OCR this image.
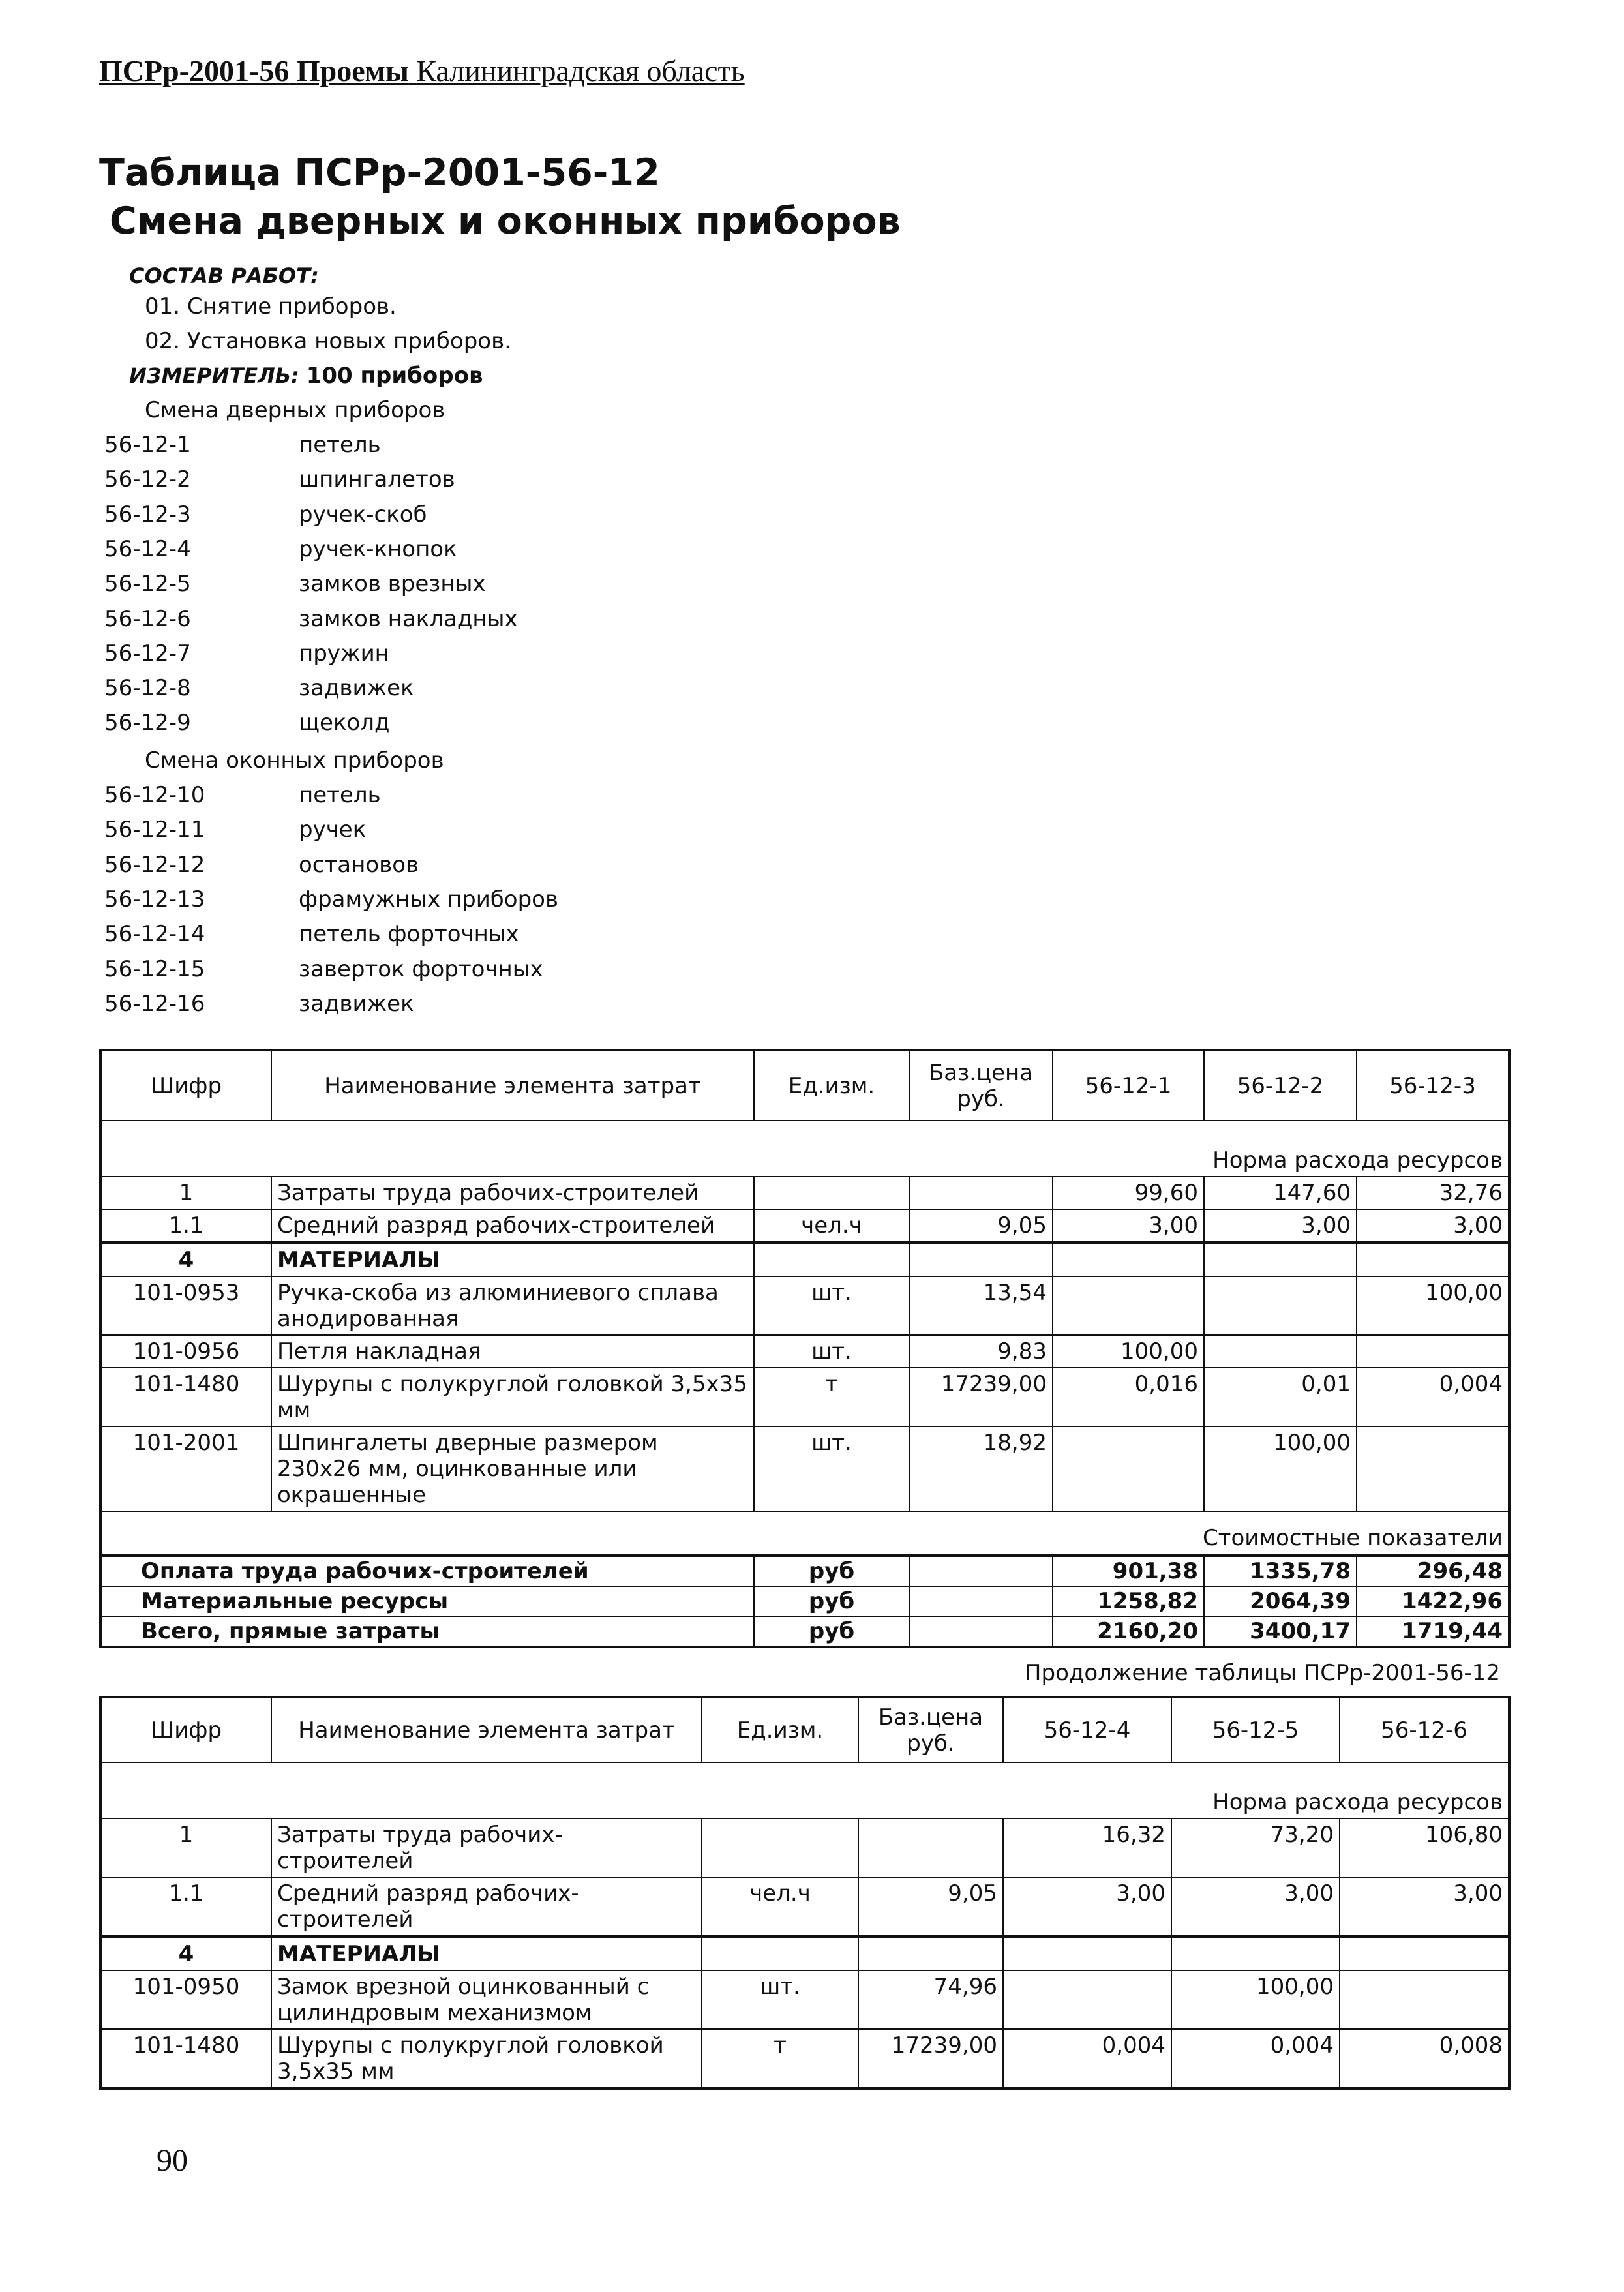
ПСРр-2001-56 Проемы Калининградская область
Таблица ПСРр-2001-56-12
Смена дверных и оконных приборов
СОСТАВ РАБОТ:
01. Снятие приборов.
02. Установка новых приборов.
ИЗМЕРИТЕЛЬ: 100 приборов
Смена дверных приборов
56-12-1	петель
56-12-2	шпингалетов
56-12-3	ручек-скоб
56-12-4	ручек-кнопок
56-12-5	замков врезных
56-12-6	замков накладных
56-12-7	пружин
56-12-8	задвижек
56-12-9	щеколд
Смена оконных приборов
56-12-10	петель
56-12-11	ручек
56-12-12	остановов
56-12-13	фрамужных приборов
56-12-14	петель форточных
56-12-15	заверток форточных
56-12-16	задвижек
Шифр	Наименование элемента затрат	Ед.изм.	Баз.цена руб.	56-12-1	56-12-2	56-12-3
Норма расхода ресурсов						
1	Затраты труда рабочих-строителей			99,60	147,60	32,76
1.1	Средний разряд рабочих-строителей	чел.ч	9,05	3,00	3,00	3,00
4	МАТЕРИАЛЫ					
101-0953	Ручка-скоба из алюминиевого сплава анодированная	шт.	13,54			100,00
101-0956	Петля накладная	шт.	9,83	100,00		
101-1480	Шурупы с полукруглой головкой 3,5х35 мм	т	17239,00	0,016	0,01	0,004
101-2001	Шпингалеты дверные размером 230х26 мм, оцинкованные или окрашенные	шт.	18,92		100,00	
Стоимостные показатели						
Оплата труда рабочих-строителей		руб		901,38	1335,78	296,48
Материальные ресурсы		руб		1258,82	2064,39	1422,96
Всего, прямые затраты		руб		2160,20	3400,17	1719,44
Продолжение таблицы ПСРр-2001-56-12
Шифр	Наименование элемента затрат	Ед.изм.	Баз.цена руб.	56-12-4	56-12-5	56-12-6
Норма расхода ресурсов						
1	Затраты труда рабочих-строителей			16,32	73,20	106,80
1.1	Средний разряд рабочих-строителей	чел.ч	9,05	3,00	3,00	3,00
4	МАТЕРИАЛЫ					
101-0950	Замок врезной оцинкованный с цилиндровым механизмом	шт.	74,96		100,00	
101-1480	Шурупы с полукруглой головкой 3,5х35 мм	т	17239,00	0,004	0,004	0,008
90
